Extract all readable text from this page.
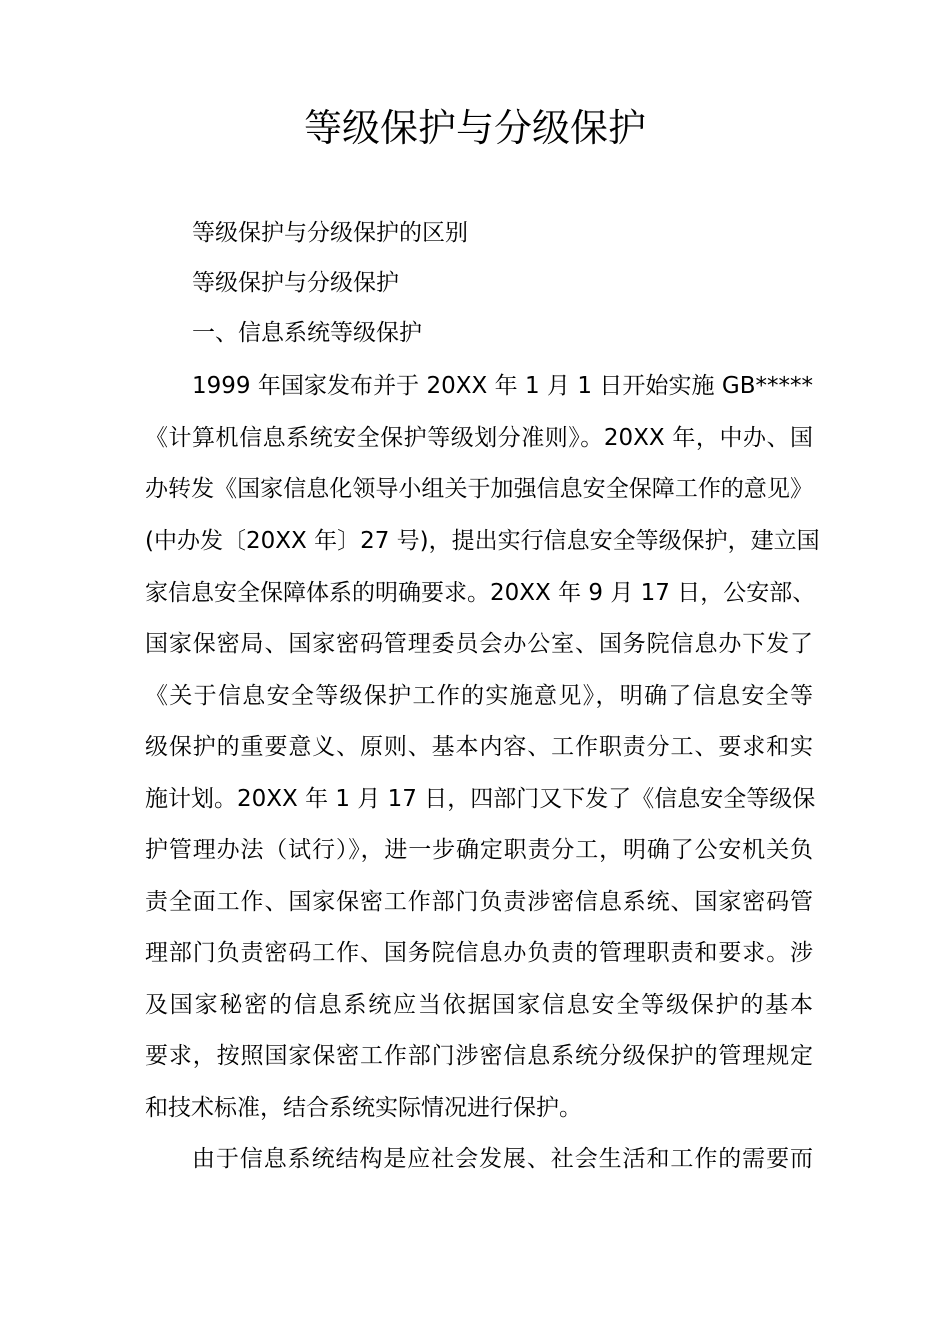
等级保护与分级保护

等级保护与分级保护的区别

等级保护与分级保护

一、信息系统等级保护

1999 年国家发布并于 20XX 年 1 月 1 日开始实施 GB*****

《计算机信息系统安全保护等级划分准则》。20XX 年，中办、国

办转发《国家信息化领导小组关于加强信息安全保障工作的意见》

(中办发〔20XX 年〕27 号)，提出实行信息安全等级保护，建立国

家信息安全保障体系的明确要求。20XX 年 9 月 17 日，公安部、

国家保密局、国家密码管理委员会办公室、国务院信息办下发了

《关于信息安全等级保护工作的实施意见》，明确了信息安全等

级保护的重要意义、原则、基本内容、工作职责分工、要求和实

施计划。20XX 年 1 月 17 日，四部门又下发了《信息安全等级保

护管理办法（试行）》，进一步确定职责分工，明确了公安机关负

责全面工作、国家保密工作部门负责涉密信息系统、国家密码管

理部门负责密码工作、国务院信息办负责的管理职责和要求。涉

及国家秘密的信息系统应当依据国家信息安全等级保护的基本

要求，按照国家保密工作部门涉密信息系统分级保护的管理规定

和技术标准，结合系统实际情况进行保护。

由于信息系统结构是应社会发展、社会生活和工作的需要而
